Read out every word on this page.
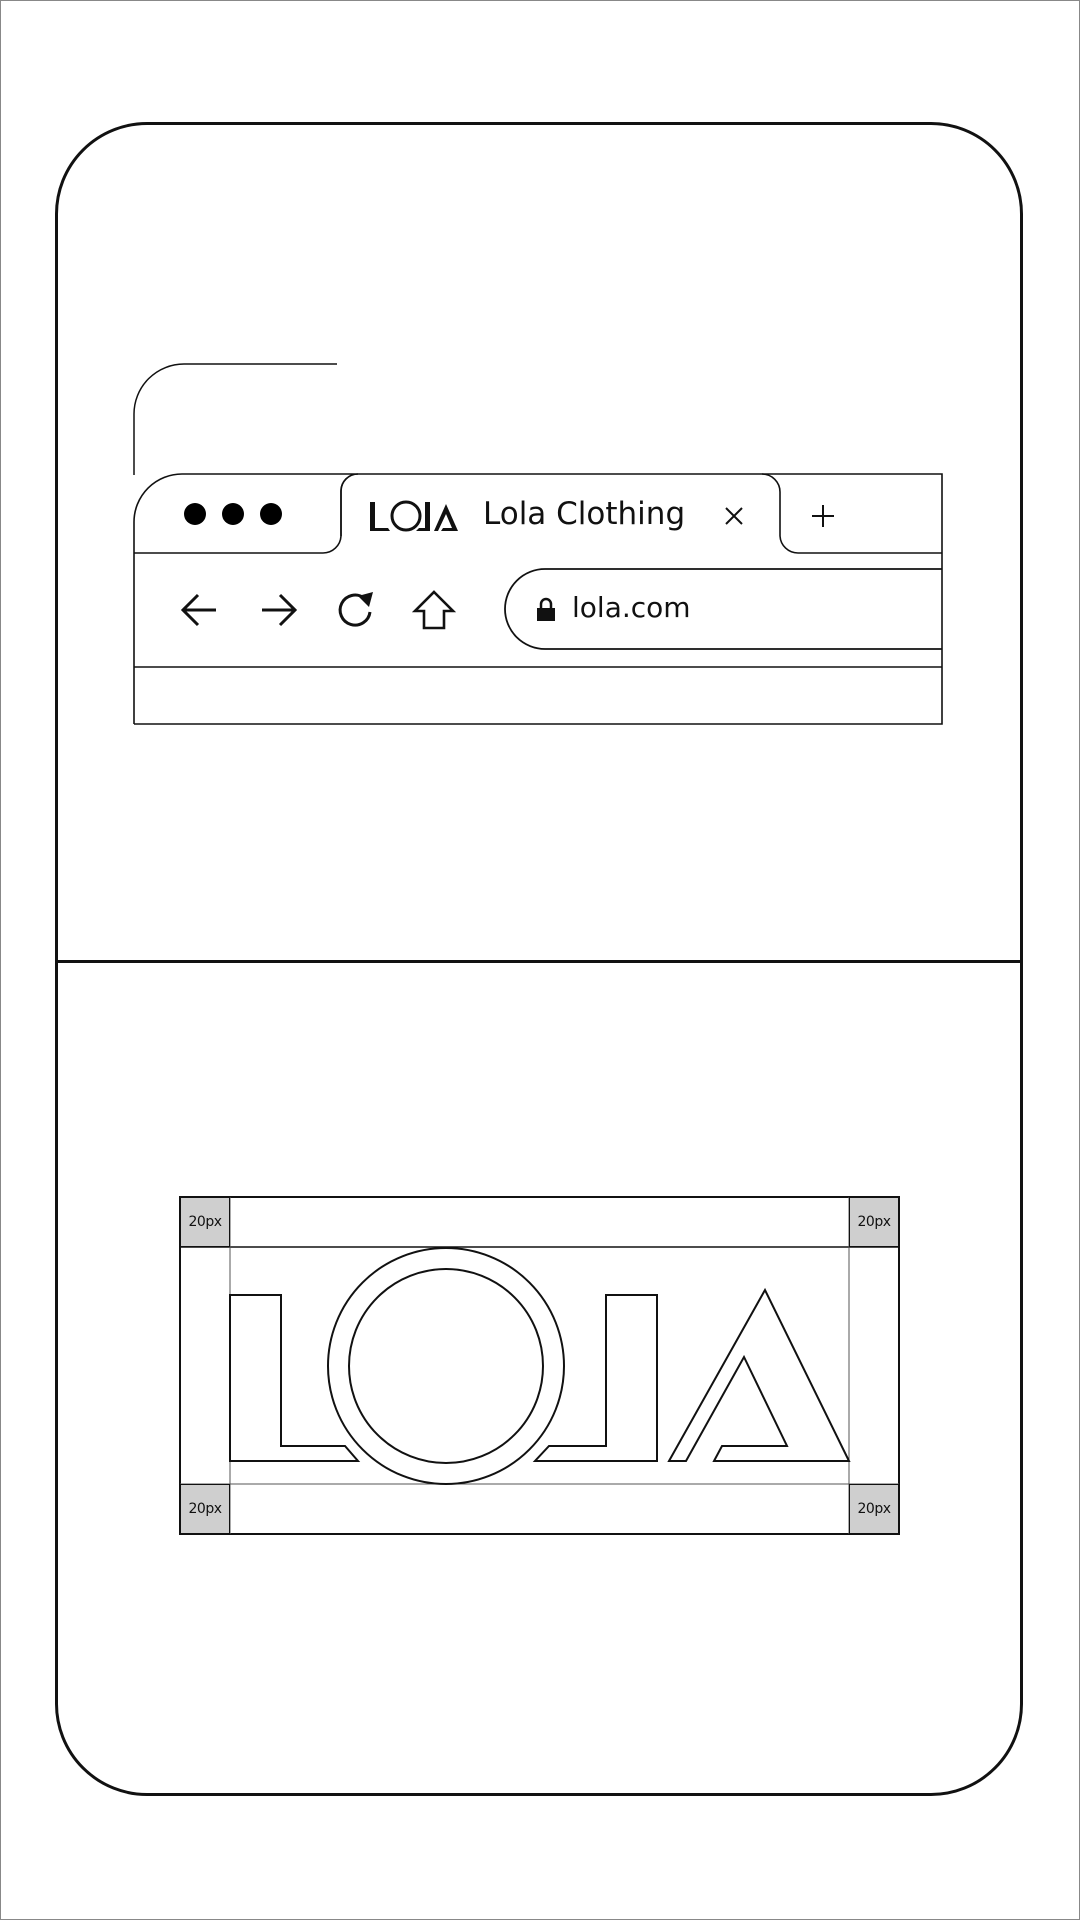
LOLA	Lola Clothing
lola.com
20px	20px
20px	20px
